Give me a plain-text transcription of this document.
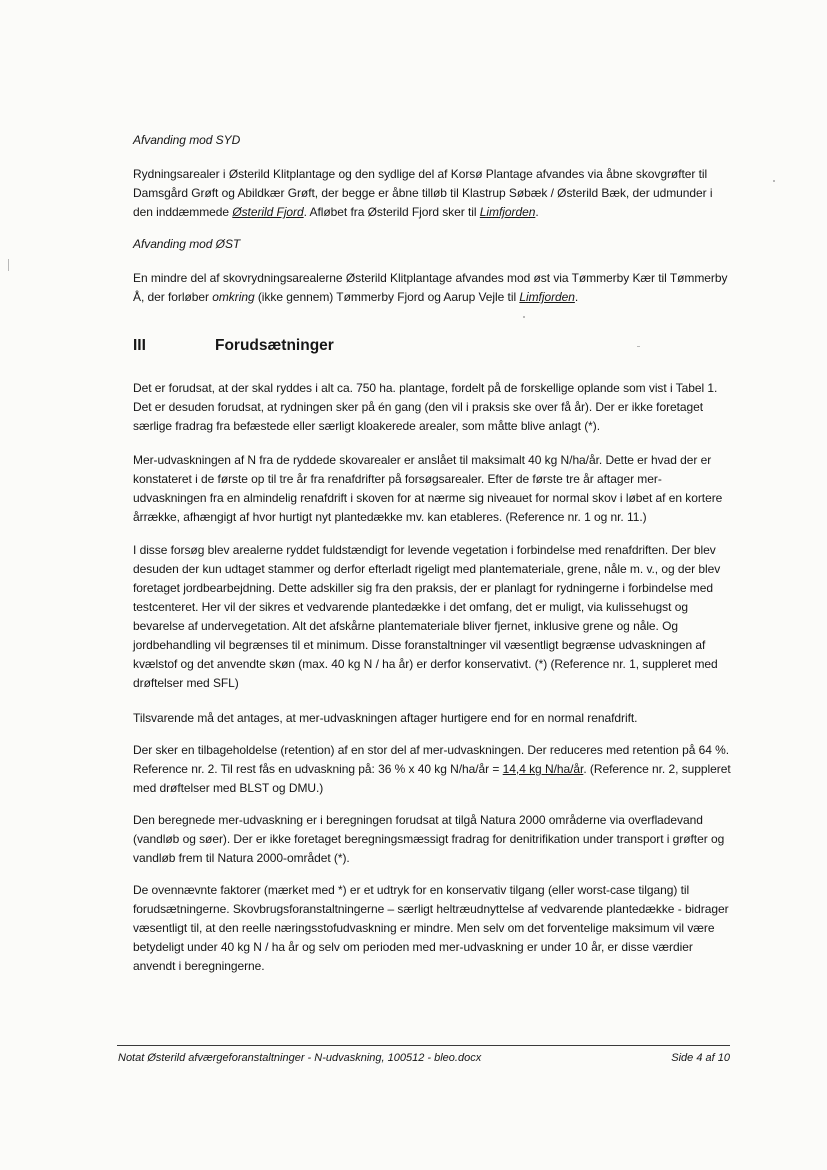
Afvanding mod SYD
Rydningsarealer i Østerild Klitplantage og den sydlige del af Korsø Plantage afvandes via åbne skovgrøfter til Damsgård Grøft og Abildkær Grøft, der begge er åbne tilløb til Klastrup Søbæk / Østerild Bæk, der udmunder i den inddæmmede Østerild Fjord. Afløbet fra Østerild Fjord sker til Limfjorden.
Afvanding mod ØST
En mindre del af skovrydningsarealerne Østerild Klitplantage afvandes mod øst via Tømmerby Kær til Tømmerby Å, der forløber omkring (ikke gennem) Tømmerby Fjord og Aarup Vejle til Limfjorden.
III	Forudsætninger
Det er forudsat, at der skal ryddes i alt ca. 750 ha. plantage, fordelt på de forskellige oplande som vist i Tabel 1. Det er desuden forudsat, at rydningen sker på én gang (den vil i praksis ske over få år). Der er ikke foretaget særlige fradrag fra befæstede eller særligt kloakerede arealer, som måtte blive anlagt (*).
Mer-udvaskningen af N fra de ryddede skovarealer er anslået til maksimalt 40 kg N/ha/år. Dette er hvad der er konstateret i de første op til tre år fra renafdrifter på forsøgsarealer. Efter de første tre år aftager mer-udvaskningen fra en almindelig renafdrift i skoven for at nærme sig niveauet for normal skov i løbet af en kortere årrække, afhængigt af hvor hurtigt nyt plantedække mv. kan etableres. (Reference nr. 1 og nr. 11.)
I disse forsøg blev arealerne ryddet fuldstændigt for levende vegetation i forbindelse med renafdriften. Der blev desuden der kun udtaget stammer og derfor efterladt rigeligt med plantemateriale, grene, nåle m. v., og der blev foretaget jordbearbejdning. Dette adskiller sig fra den praksis, der er planlagt for rydningerne i forbindelse med testcenteret. Her vil der sikres et vedvarende plantedække i det omfang, det er muligt, via kulissehugst og bevarelse af undervegetation. Alt det afskårne plantemateriale bliver fjernet, inklusive grene og nåle. Og jordbehandling vil begrænses til et minimum. Disse foranstaltninger vil væsentligt begrænse udvaskningen af kvælstof og det anvendte skøn (max. 40 kg N / ha år) er derfor konservativt. (*) (Reference nr. 1, suppleret med drøftelser med SFL)
Tilsvarende må det antages, at mer-udvaskningen aftager hurtigere end for en normal renafdrift.
Der sker en tilbageholdelse (retention) af en stor del af mer-udvaskningen. Der reduceres med retention på 64 %. Reference nr. 2. Til rest fås en udvaskning på: 36 % x 40 kg N/ha/år = 14,4 kg N/ha/år. (Reference nr. 2, suppleret med drøftelser med BLST og DMU.)
Den beregnede mer-udvaskning er i beregningen forudsat at tilgå Natura 2000 områderne via overfladevand (vandløb og søer). Der er ikke foretaget beregningsmæssigt fradrag for denitrifikation under transport i grøfter og vandløb frem til Natura 2000-området (*).
De ovennævnte faktorer (mærket med *) er et udtryk for en konservativ tilgang (eller worst-case tilgang) til forudsætningerne. Skovbrugsforanstaltningerne – særligt heltræudnyttelse af vedvarende plantedække - bidrager væsentligt til, at den reelle næringsstofudvaskning er mindre. Men selv om det forventelige maksimum vil være betydeligt under 40 kg N / ha år og selv om perioden med mer-udvaskning er under 10 år, er disse værdier anvendt i beregningerne.
Notat Østerild afværgeforanstaltninger - N-udvaskning, 100512 - bleo.docx	Side 4 af 10
